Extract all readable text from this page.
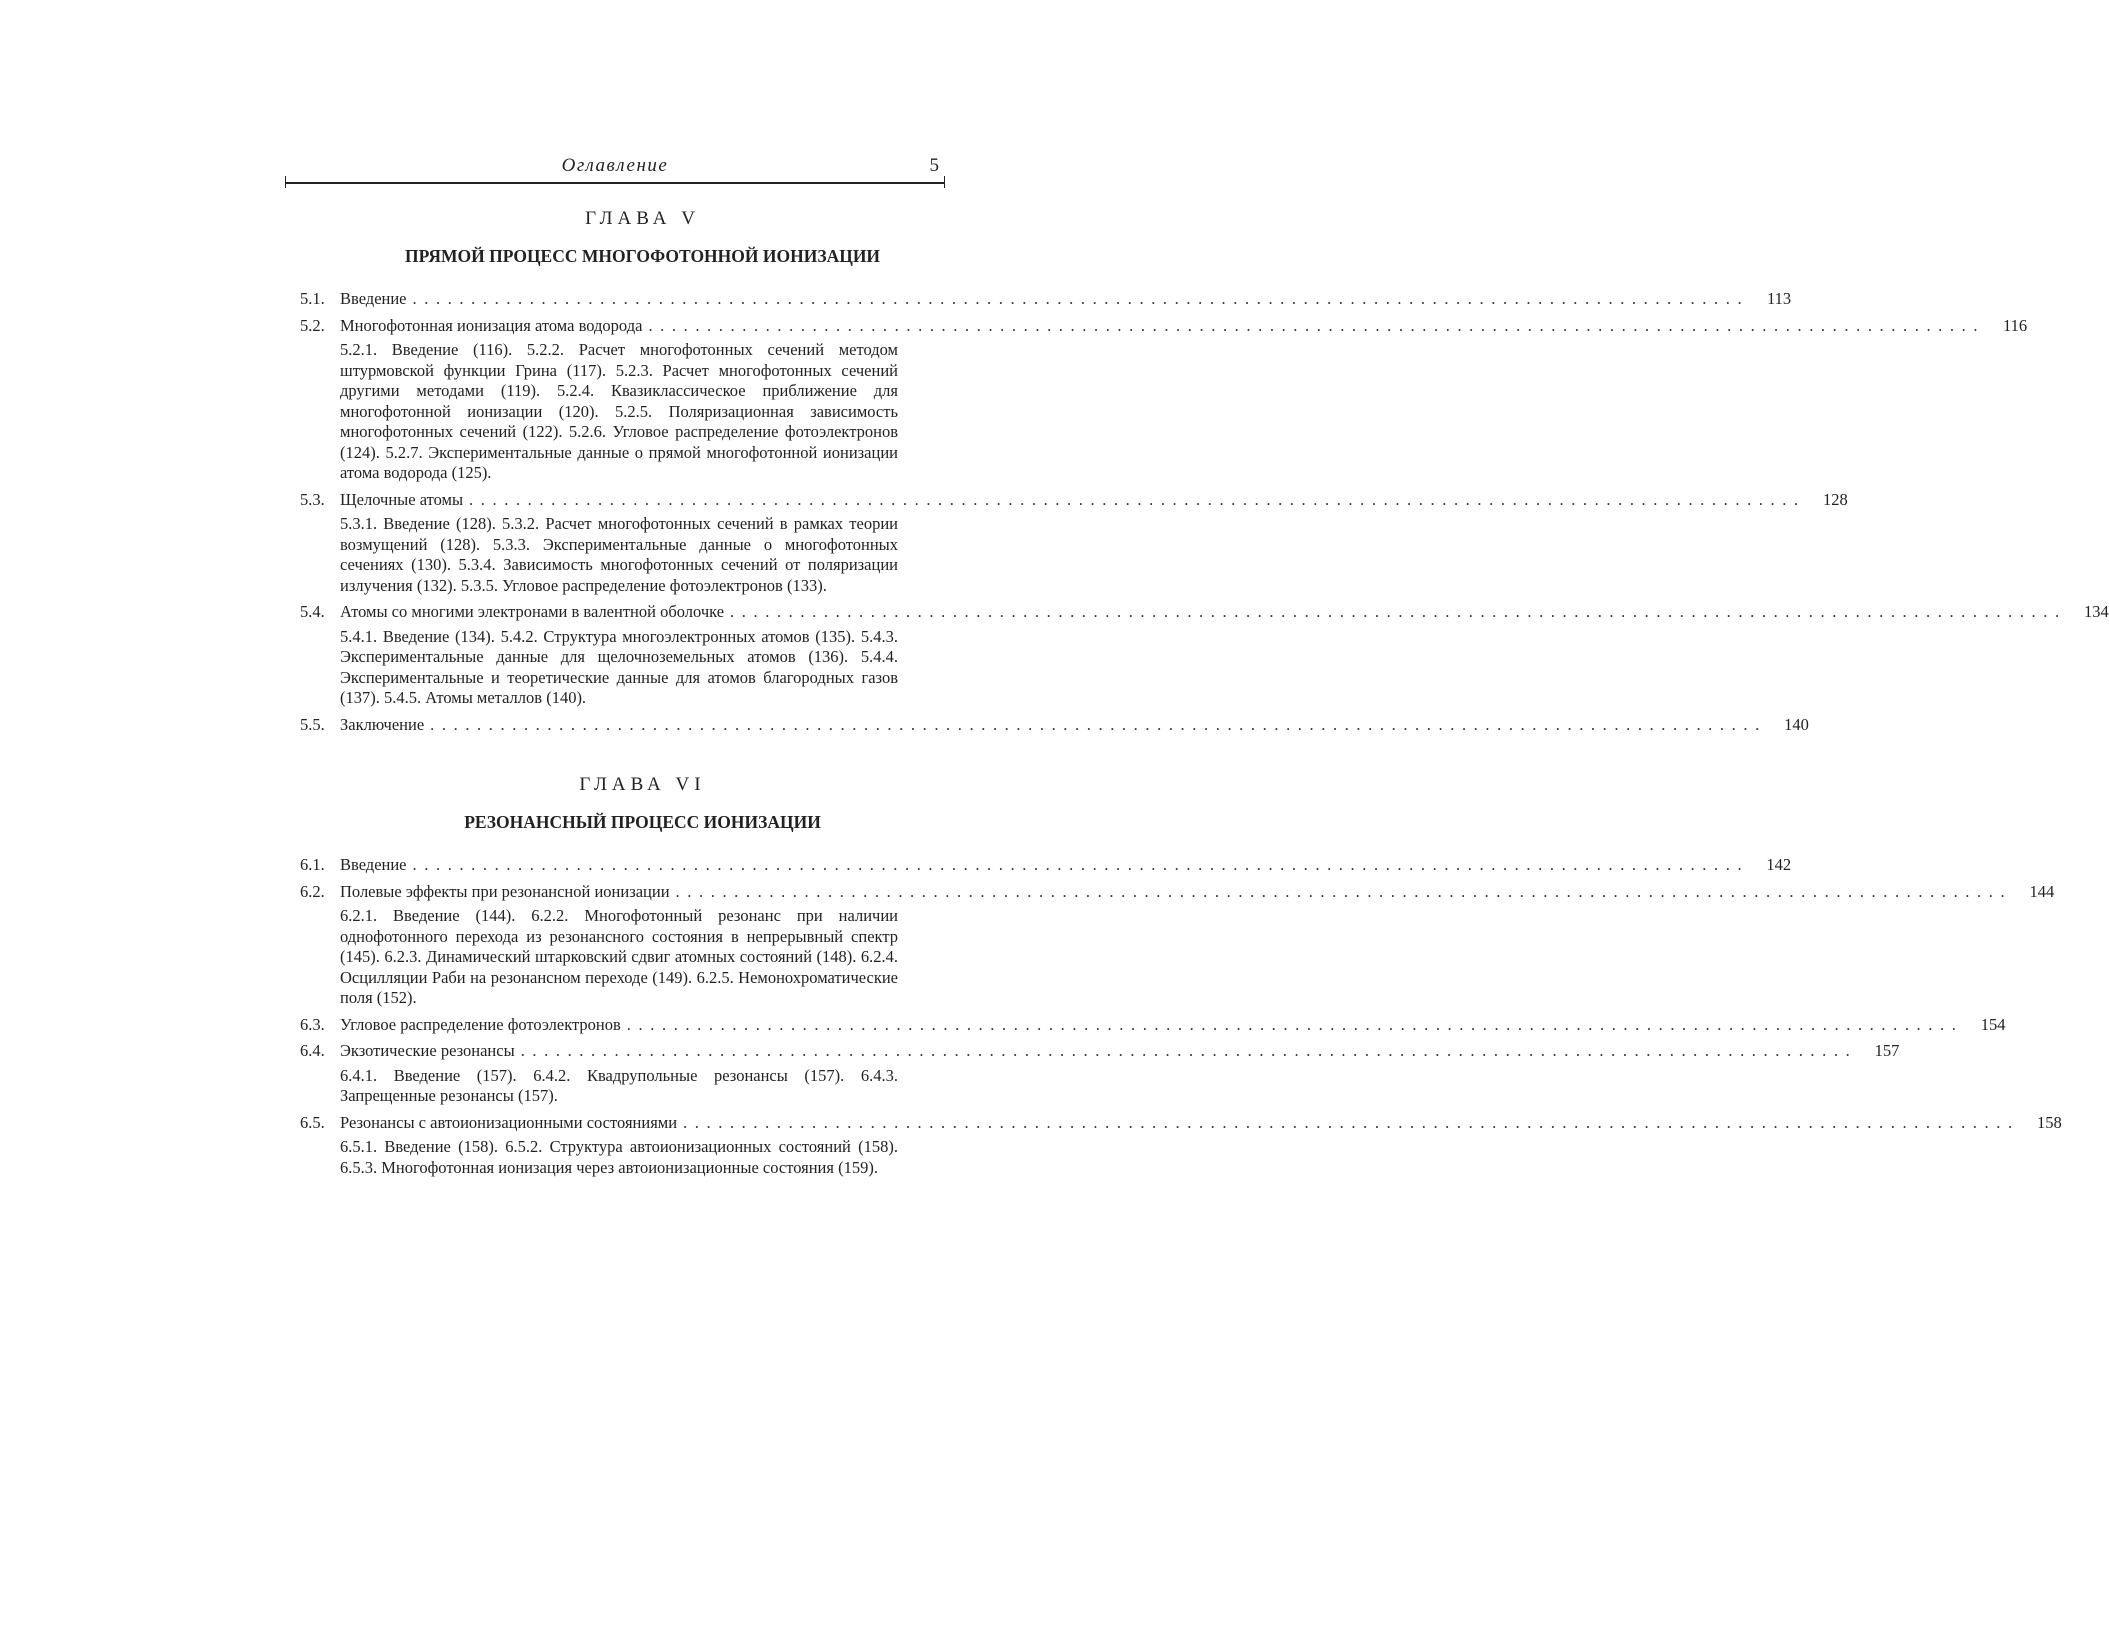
Оглавление	5
ГЛАВА V
ПРЯМОЙ ПРОЦЕСС МНОГОФОТОННОЙ ИОНИЗАЦИИ
5.1. Введение ..................................................................................................................	113
5.2. Многофотонная ионизация атома водорода ..................................................................................................................	116
5.2.1. Введение (116). 5.2.2. Расчет многофотонных сечений методом штурмовской функции Грина (117). 5.2.3. Расчет многофотонных сечений другими методами (119). 5.2.4. Квазиклассическое приближение для многофотонной ионизации (120). 5.2.5. Поляризационная зависимость многофотонных сечений (122). 5.2.6. Угловое распределение фотоэлектронов (124). 5.2.7. Экспериментальные данные о прямой многофотонной ионизации атома водорода (125).
5.3. Щелочные атомы ..................................................................................................................	128
5.3.1. Введение (128). 5.3.2. Расчет многофотонных сечений в рамках теории возмущений (128). 5.3.3. Экспериментальные данные о многофотонных сечениях (130). 5.3.4. Зависимость многофотонных сечений от поляризации излучения (132). 5.3.5. Угловое распределение фотоэлектронов (133).
5.4. Атомы со многими электронами в валентной оболочке ..................................................................................................................	134
5.4.1. Введение (134). 5.4.2. Структура многоэлектронных атомов (135). 5.4.3. Экспериментальные данные для щелочноземельных атомов (136). 5.4.4. Экспериментальные и теоретические данные для атомов благородных газов (137). 5.4.5. Атомы металлов (140).
5.5. Заключение ..................................................................................................................	140
ГЛАВА VI
РЕЗОНАНСНЫЙ ПРОЦЕСС ИОНИЗАЦИИ
6.1. Введение ..................................................................................................................	142
6.2. Полевые эффекты при резонансной ионизации ..................................................................................................................	144
6.2.1. Введение (144). 6.2.2. Многофотонный резонанс при наличии однофотонного перехода из резонансного состояния в непрерывный спектр (145). 6.2.3. Динамический штарковский сдвиг атомных состояний (148). 6.2.4. Осцилляции Раби на резонансном переходе (149). 6.2.5. Немонохроматические поля (152).
6.3. Угловое распределение фотоэлектронов ..................................................................................................................	154
6.4. Экзотические резонансы ..................................................................................................................	157
6.4.1. Введение (157). 6.4.2. Квадрупольные резонансы (157). 6.4.3. Запрещенные резонансы (157).
6.5. Резонансы с автоионизационными состояниями ..................................................................................................................	158
6.5.1. Введение (158). 6.5.2. Структура автоионизационных состояний (158). 6.5.3. Многофотонная ионизация через автоионизационные состояния (159).
